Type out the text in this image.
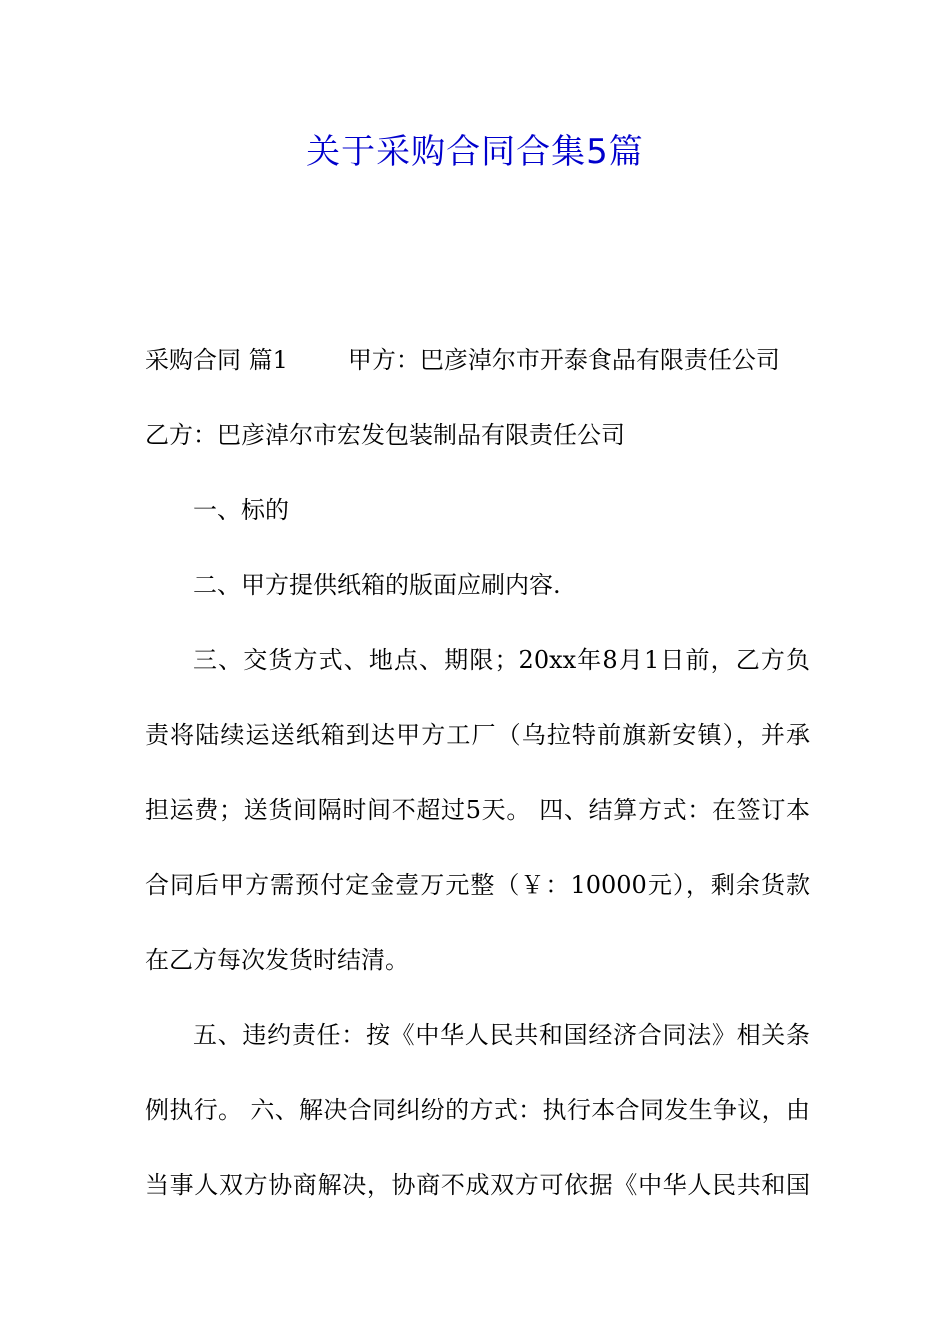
关于采购合同合集5篇

采购合同 篇1	甲方：巴彦淖尔市开泰食品有限责任公司

乙方：巴彦淖尔市宏发包装制品有限责任公司

一、标的

二、甲方提供纸箱的版面应刷内容.

三、交货方式、地点、期限；20xx年8月1日前，乙方负

责将陆续运送纸箱到达甲方工厂（乌拉特前旗新安镇），并承

担运费；送货间隔时间不超过5天。 四、结算方式：在签订本

合同后甲方需预付定金壹万元整（￥：10000元），剩余货款

在乙方每次发货时结清。

五、违约责任：按《中华人民共和国经济合同法》相关条

例执行。 六、解决合同纠纷的方式：执行本合同发生争议，由

当事人双方协商解决，协商不成双方可依据《中华人民共和国
